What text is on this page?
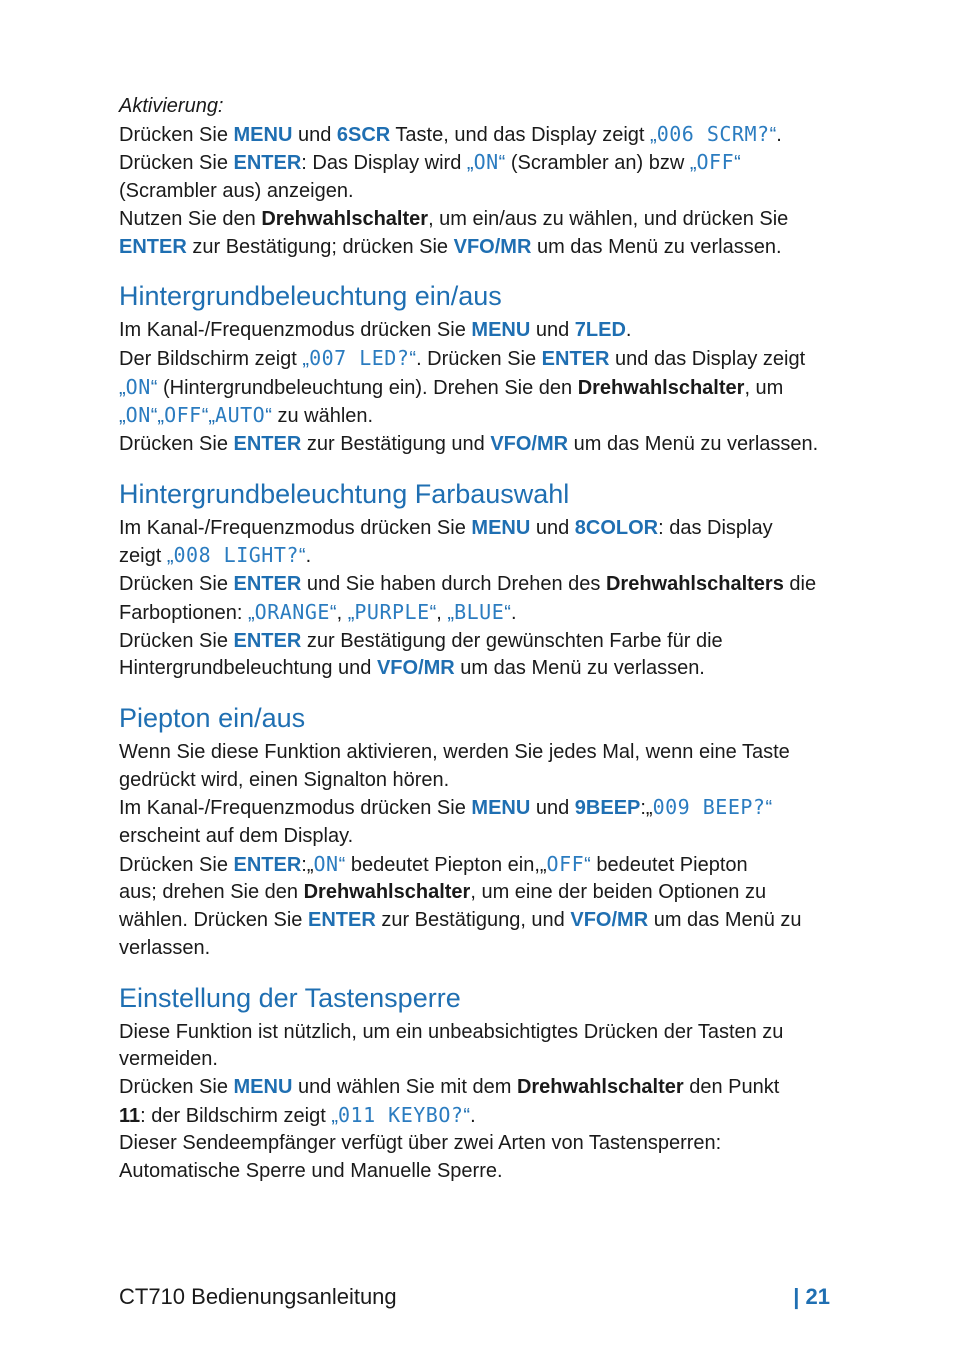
Aktivierung:

Drücken Sie MENU und 6SCR Taste, und das Display zeigt „006 SCRM?“.

Drücken Sie ENTER: Das Display wird „ON“ (Scrambler an) bzw „OFF“

(Scrambler aus) anzeigen.

Nutzen Sie den Drehwahlschalter, um ein/aus zu wählen, und drücken Sie

ENTER zur Bestätigung; drücken Sie VFO/MR um das Menü zu verlassen.

Hintergrundbeleuchtung ein/aus

Im Kanal-/Frequenzmodus drücken Sie MENU und 7LED.

Der Bildschirm zeigt „007 LED?“. Drücken Sie ENTER und das Display zeigt

„ON“ (Hintergrundbeleuchtung ein). Drehen Sie den Drehwahlschalter, um

„ON“„OFF“„AUTO“ zu wählen.

Drücken Sie ENTER zur Bestätigung und VFO/MR um das Menü zu verlassen.

Hintergrundbeleuchtung Farbauswahl

Im Kanal-/Frequenzmodus drücken Sie MENU und 8COLOR: das Display

zeigt „008 LIGHT?“.

Drücken Sie ENTER und Sie haben durch Drehen des Drehwahlschalters die

Farboptionen: „ORANGE“, „PURPLE“, „BLUE“.

Drücken Sie ENTER zur Bestätigung der gewünschten Farbe für die

Hintergrundbeleuchtung und VFO/MR um das Menü zu verlassen.

Piepton ein/aus

Wenn Sie diese Funktion aktivieren, werden Sie jedes Mal, wenn eine Taste

gedrückt wird, einen Signalton hören.

Im Kanal-/Frequenzmodus drücken Sie MENU und 9BEEP:„009 BEEP?“

erscheint auf dem Display.

Drücken Sie ENTER:„ON“ bedeutet Piepton ein,„OFF“ bedeutet Piepton

aus; drehen Sie den Drehwahlschalter, um eine der beiden Optionen zu

wählen. Drücken Sie ENTER zur Bestätigung, und VFO/MR um das Menü zu

verlassen.

Einstellung der Tastensperre

Diese Funktion ist nützlich, um ein unbeabsichtigtes Drücken der Tasten zu

vermeiden.

Drücken Sie MENU und wählen Sie mit dem Drehwahlschalter den Punkt

11: der Bildschirm zeigt „011 KEYBO?“.

Dieser Sendeempfänger verfügt über zwei Arten von Tastensperren:

Automatische Sperre und Manuelle Sperre.

CT710 Bedienungsanleitung	| 21
